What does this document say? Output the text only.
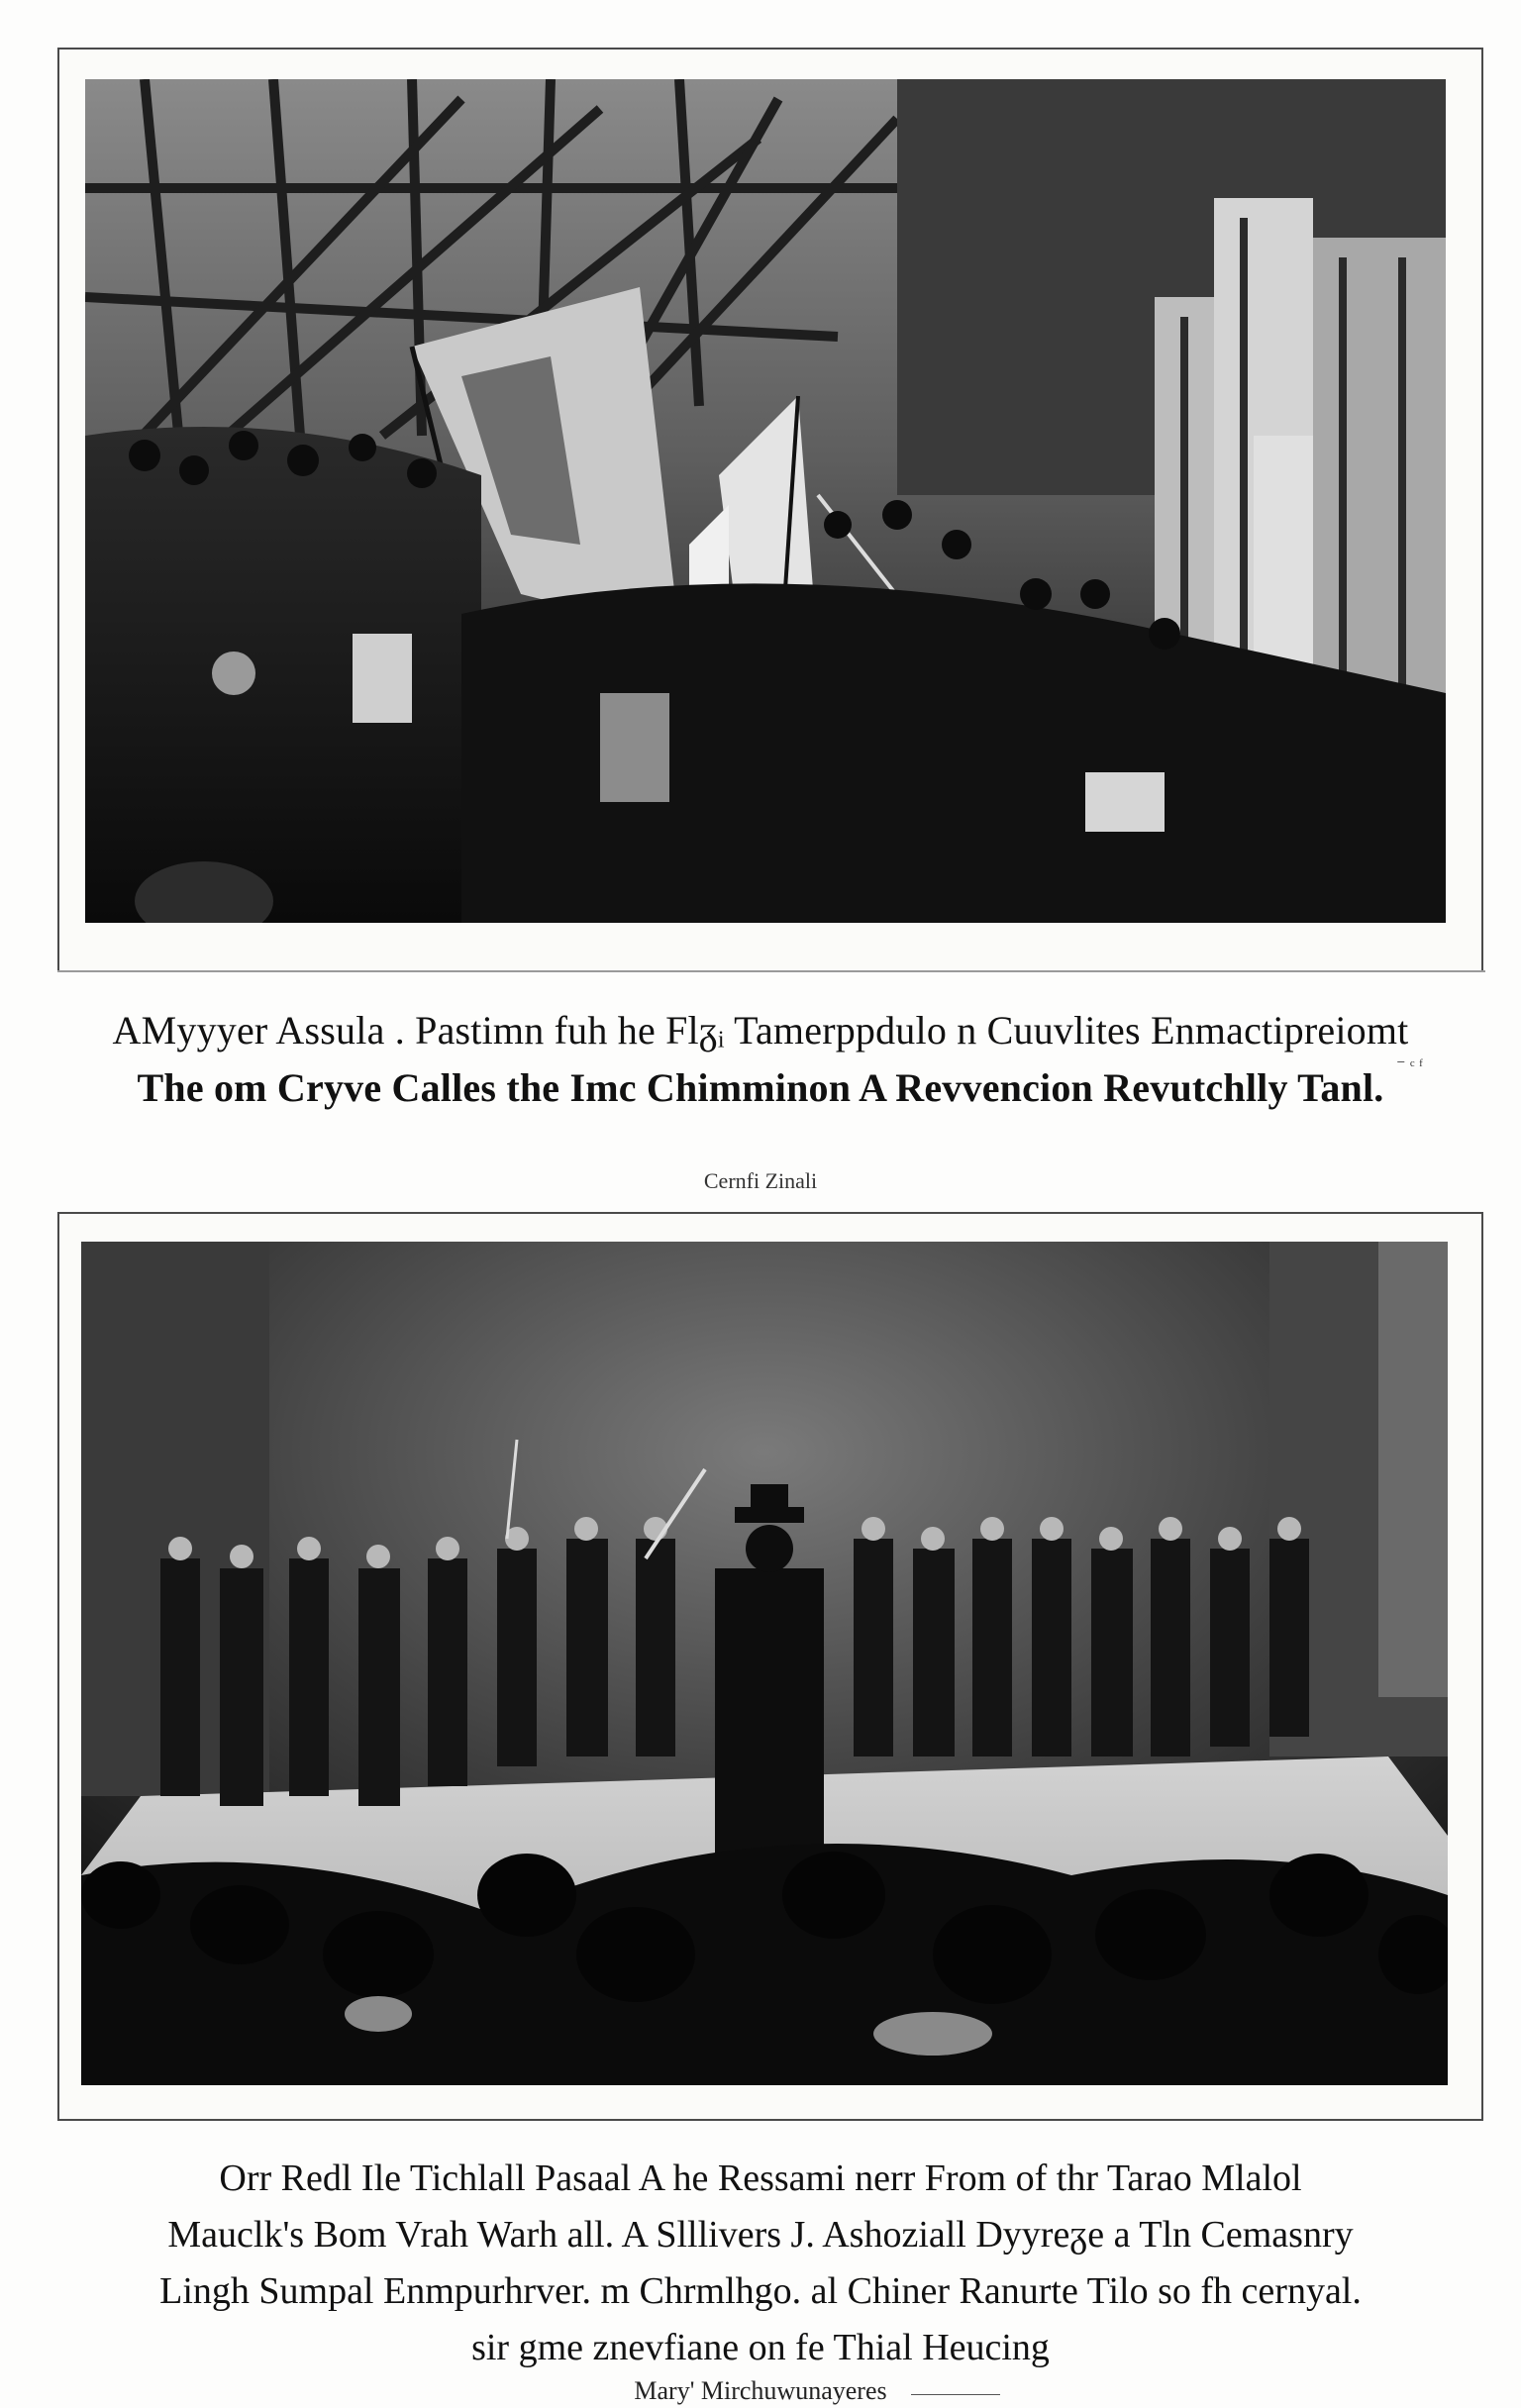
AMyyyer Assula . Pastimn fuh he Flᵹᵢ Tamerppdulo n Cuuvlites Enmactipreiomt
The om Cryve Calles the Imc Chimminon A Revvencion Revutchlly Tanl. ⁻ ᶜ ᶠ
Cernfi Zinali
Orr Redl Ile Tichlall Pasaal A he Ressami nerr From of thr Tarao Mlalol
Mauclk's Bom Vrah Warh all. A Slllivers J. Ashoziall Dyyreᵹe a Tln Cemasnry
Lingh Sumpal Enmpurhrver. m Chrmlhgo. al Chiner Ranurte Tilo so fh cernyal.
sir gme znevfiane on fe Thial Heucing
Mary' Mirchuwunayeres
